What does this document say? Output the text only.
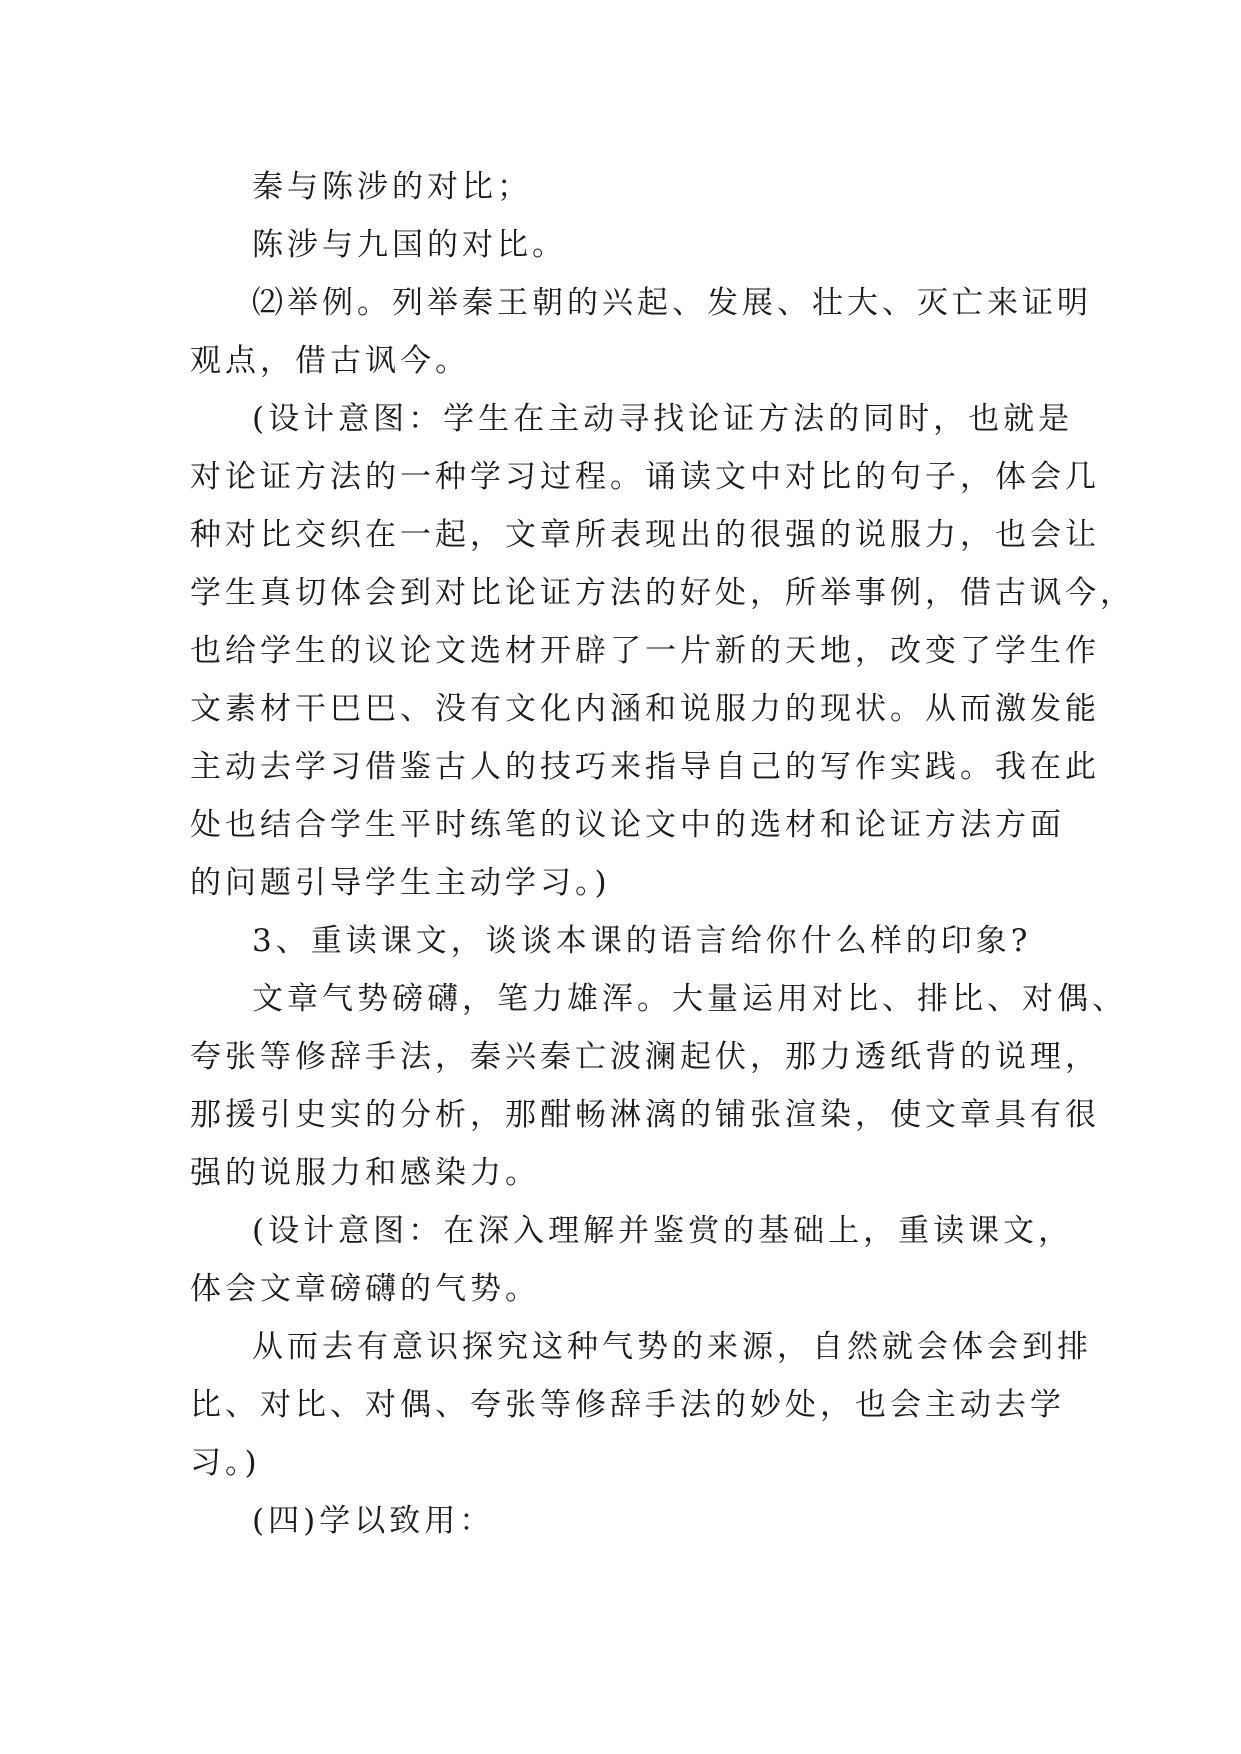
秦与陈涉的对比；
陈涉与九国的对比。
⑵举例。列举秦王朝的兴起、发展、壮大、灭亡来证明
观点，借古讽今。
(设计意图：学生在主动寻找论证方法的同时，也就是
对论证方法的一种学习过程。诵读文中对比的句子，体会几
种对比交织在一起，文章所表现出的很强的说服力，也会让
学生真切体会到对比论证方法的好处，所举事例，借古讽今，
也给学生的议论文选材开辟了一片新的天地，改变了学生作
文素材干巴巴、没有文化内涵和说服力的现状。从而激发能
主动去学习借鉴古人的技巧来指导自己的写作实践。我在此
处也结合学生平时练笔的议论文中的选材和论证方法方面
的问题引导学生主动学习。)
3、重读课文，谈谈本课的语言给你什么样的印象?
文章气势磅礴，笔力雄浑。大量运用对比、排比、对偶、
夸张等修辞手法，秦兴秦亡波澜起伏，那力透纸背的说理，
那援引史实的分析，那酣畅淋漓的铺张渲染，使文章具有很
强的说服力和感染力。
(设计意图：在深入理解并鉴赏的基础上，重读课文，
体会文章磅礴的气势。
从而去有意识探究这种气势的来源，自然就会体会到排
比、对比、对偶、夸张等修辞手法的妙处，也会主动去学
习。)
(四)学以致用：
